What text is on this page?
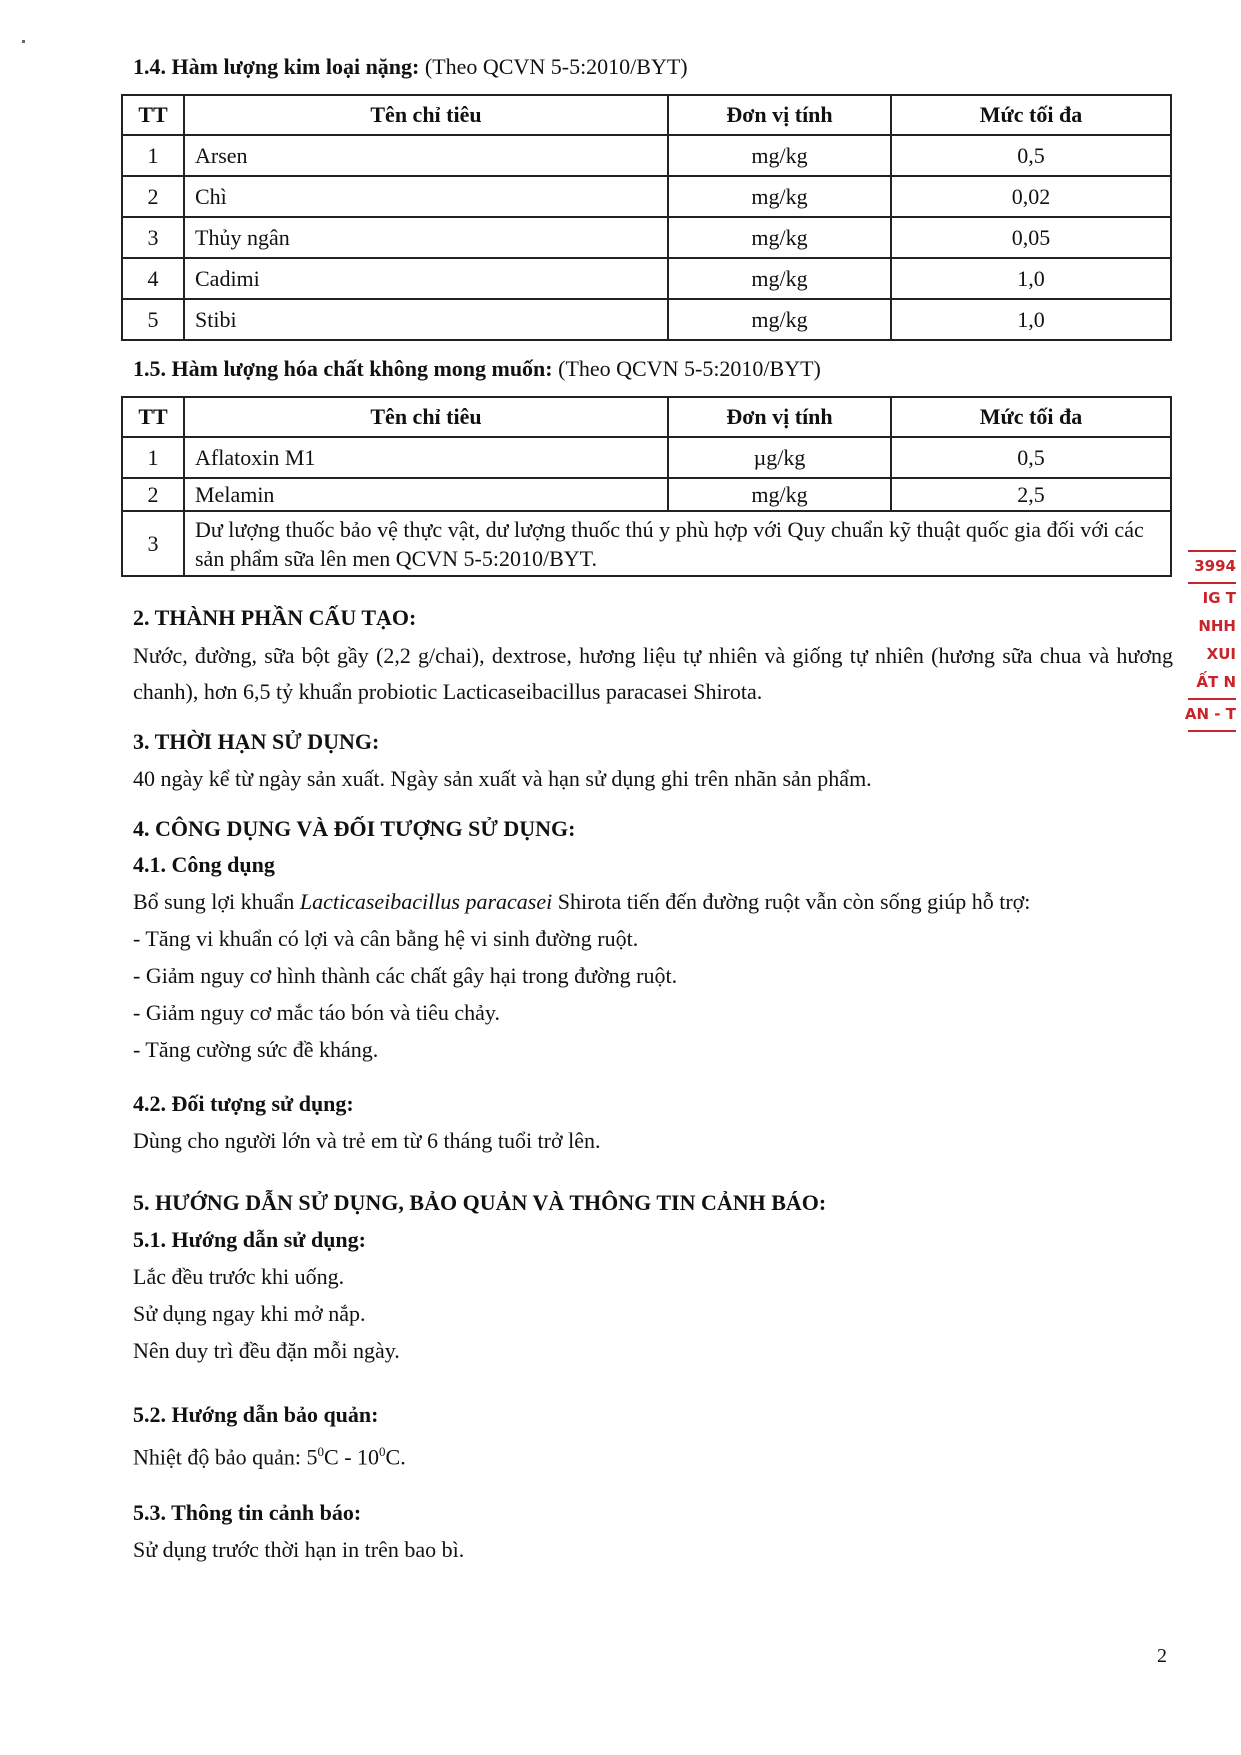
1.4. Hàm lượng kim loại nặng: (Theo QCVN 5-5:2010/BYT)
TT	Tên chỉ tiêu	Đơn vị tính	Mức tối đa
1	Arsen	mg/kg	0,5
2	Chì	mg/kg	0,02
3	Thủy ngân	mg/kg	0,05
4	Cadimi	mg/kg	1,0
5	Stibi	mg/kg	1,0
1.5. Hàm lượng hóa chất không mong muốn: (Theo QCVN 5-5:2010/BYT)
TT	Tên chỉ tiêu	Đơn vị tính	Mức tối đa
1	Aflatoxin M1	µg/kg	0,5
2	Melamin	mg/kg	2,5
3	Dư lượng thuốc bảo vệ thực vật, dư lượng thuốc thú y phù hợp với Quy chuẩn kỹ thuật quốc gia đối với các sản phẩm sữa lên men QCVN 5-5:2010/BYT.		
2. THÀNH PHẦN CẤU TẠO:
Nước, đường, sữa bột gầy (2,2 g/chai), dextrose, hương liệu tự nhiên và giống tự nhiên (hương sữa chua và hương chanh), hơn 6,5 tỷ khuẩn probiotic Lacticaseibacillus paracasei Shirota.
3. THỜI HẠN SỬ DỤNG:
40 ngày kể từ ngày sản xuất. Ngày sản xuất và hạn sử dụng ghi trên nhãn sản phẩm.
4. CÔNG DỤNG VÀ ĐỐI TƯỢNG SỬ DỤNG:
4.1. Công dụng
Bổ sung lợi khuẩn Lacticaseibacillus paracasei Shirota tiến đến đường ruột vẫn còn sống giúp hỗ trợ:
- Tăng vi khuẩn có lợi và cân bằng hệ vi sinh đường ruột.
- Giảm nguy cơ hình thành các chất gây hại trong đường ruột.
- Giảm nguy cơ mắc táo bón và tiêu chảy.
- Tăng cường sức đề kháng.
4.2. Đối tượng sử dụng:
Dùng cho người lớn và trẻ em từ 6 tháng tuổi trở lên.
5. HƯỚNG DẪN SỬ DỤNG, BẢO QUẢN VÀ THÔNG TIN CẢNH BÁO:
5.1. Hướng dẫn sử dụng:
Lắc đều trước khi uống.
Sử dụng ngay khi mở nắp.
Nên duy trì đều đặn mỗi ngày.
5.2. Hướng dẫn bảo quản:
Nhiệt độ bảo quản: $5^0C - 10^0C$.
5.3. Thông tin cảnh báo:
Sử dụng trước thời hạn in trên bao bì.
2
3994
IG T
NHH
XUI
ẤT N
AN - T
